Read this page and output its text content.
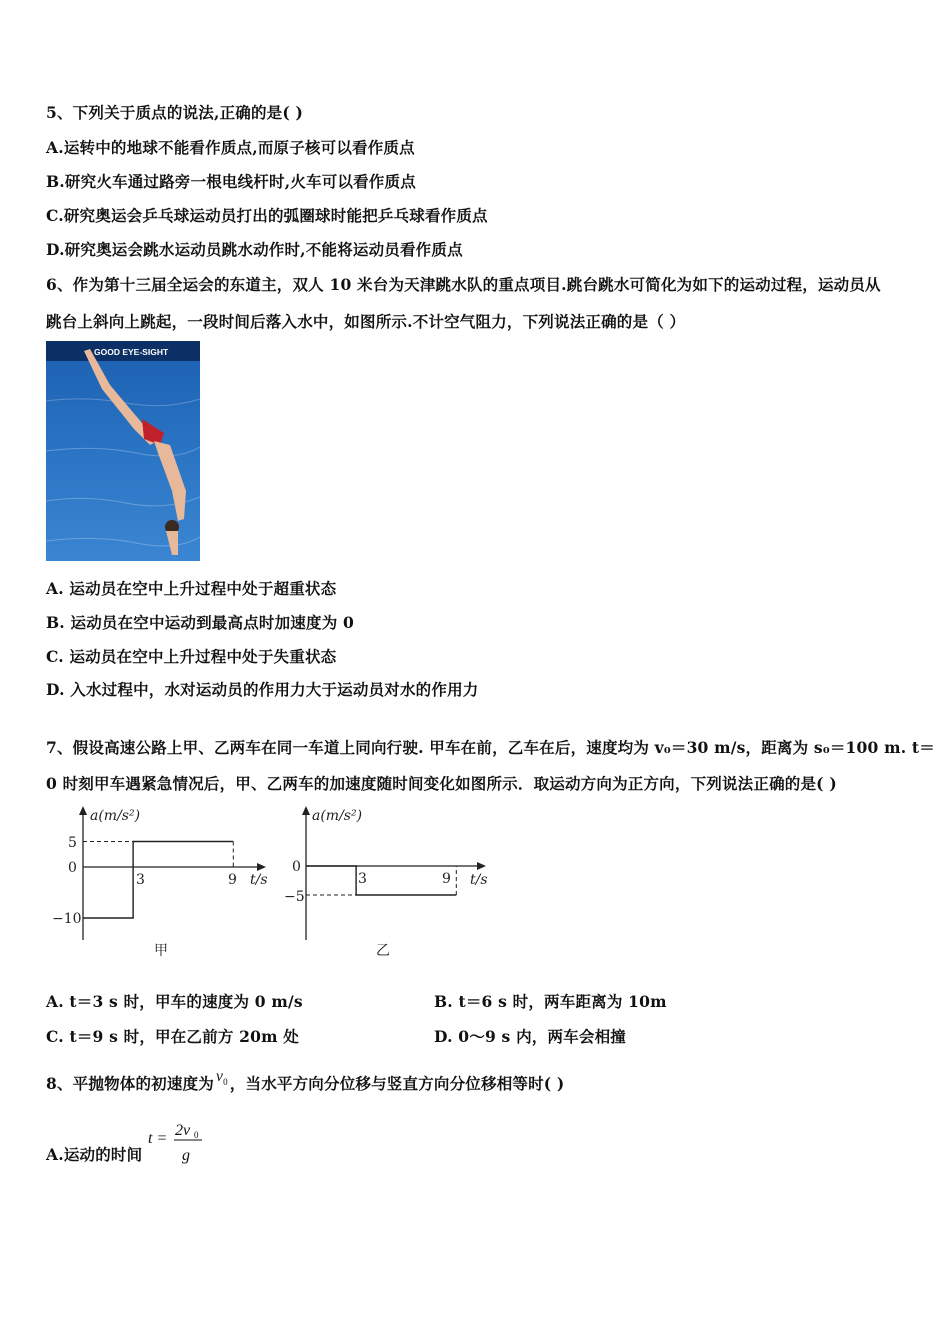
5、下列关于质点的说法,正确的是( )
A.运转中的地球不能看作质点,而原子核可以看作质点
B.研究火车通过路旁一根电线杆时,火车可以看作质点
C.研究奥运会乒乓球运动员打出的弧圈球时能把乒乓球看作质点
D.研究奥运会跳水运动员跳水动作时,不能将运动员看作质点
6、作为第十三届全运会的东道主，双人 10 米台为天津跳水队的重点项目.跳台跳水可简化为如下的运动过程，运动员从
跳台上斜向上跳起，一段时间后落入水中，如图所示.不计空气阻力，下列说法正确的是（ ）
GOOD EYE-SIGHT
A. 运动员在空中上升过程中处于超重状态
B. 运动员在空中运动到最高点时加速度为 0
C. 运动员在空中上升过程中处于失重状态
D. 入水过程中，水对运动员的作用力大于运动员对水的作用力
7、假设高速公路上甲、乙两车在同一车道上同向行驶. 甲车在前，乙车在后，速度均为 v₀＝30 m/s，距离为 s₀＝100 m. t＝
0 时刻甲车遇紧急情况后，甲、乙两车的加速度随时间变化如图所示．取运动方向为正方向，下列说法正确的是( )
a(m/s²)
t/s
5
0
−10
3	9
甲
a(m/s²)
t/s
0
−5
3	9
乙
A. t＝3 s 时，甲车的速度为 0 m/s	B. t＝6 s 时，两车距离为 10m
C. t＝9 s 时，甲在乙前方 20m 处	D. 0～9 s 内，两车会相撞
8、平抛物体的初速度为 $v_0$ ，当水平方向分位移与竖直方向分位移相等时( )
A.运动的时间
t = 2v 0
g
